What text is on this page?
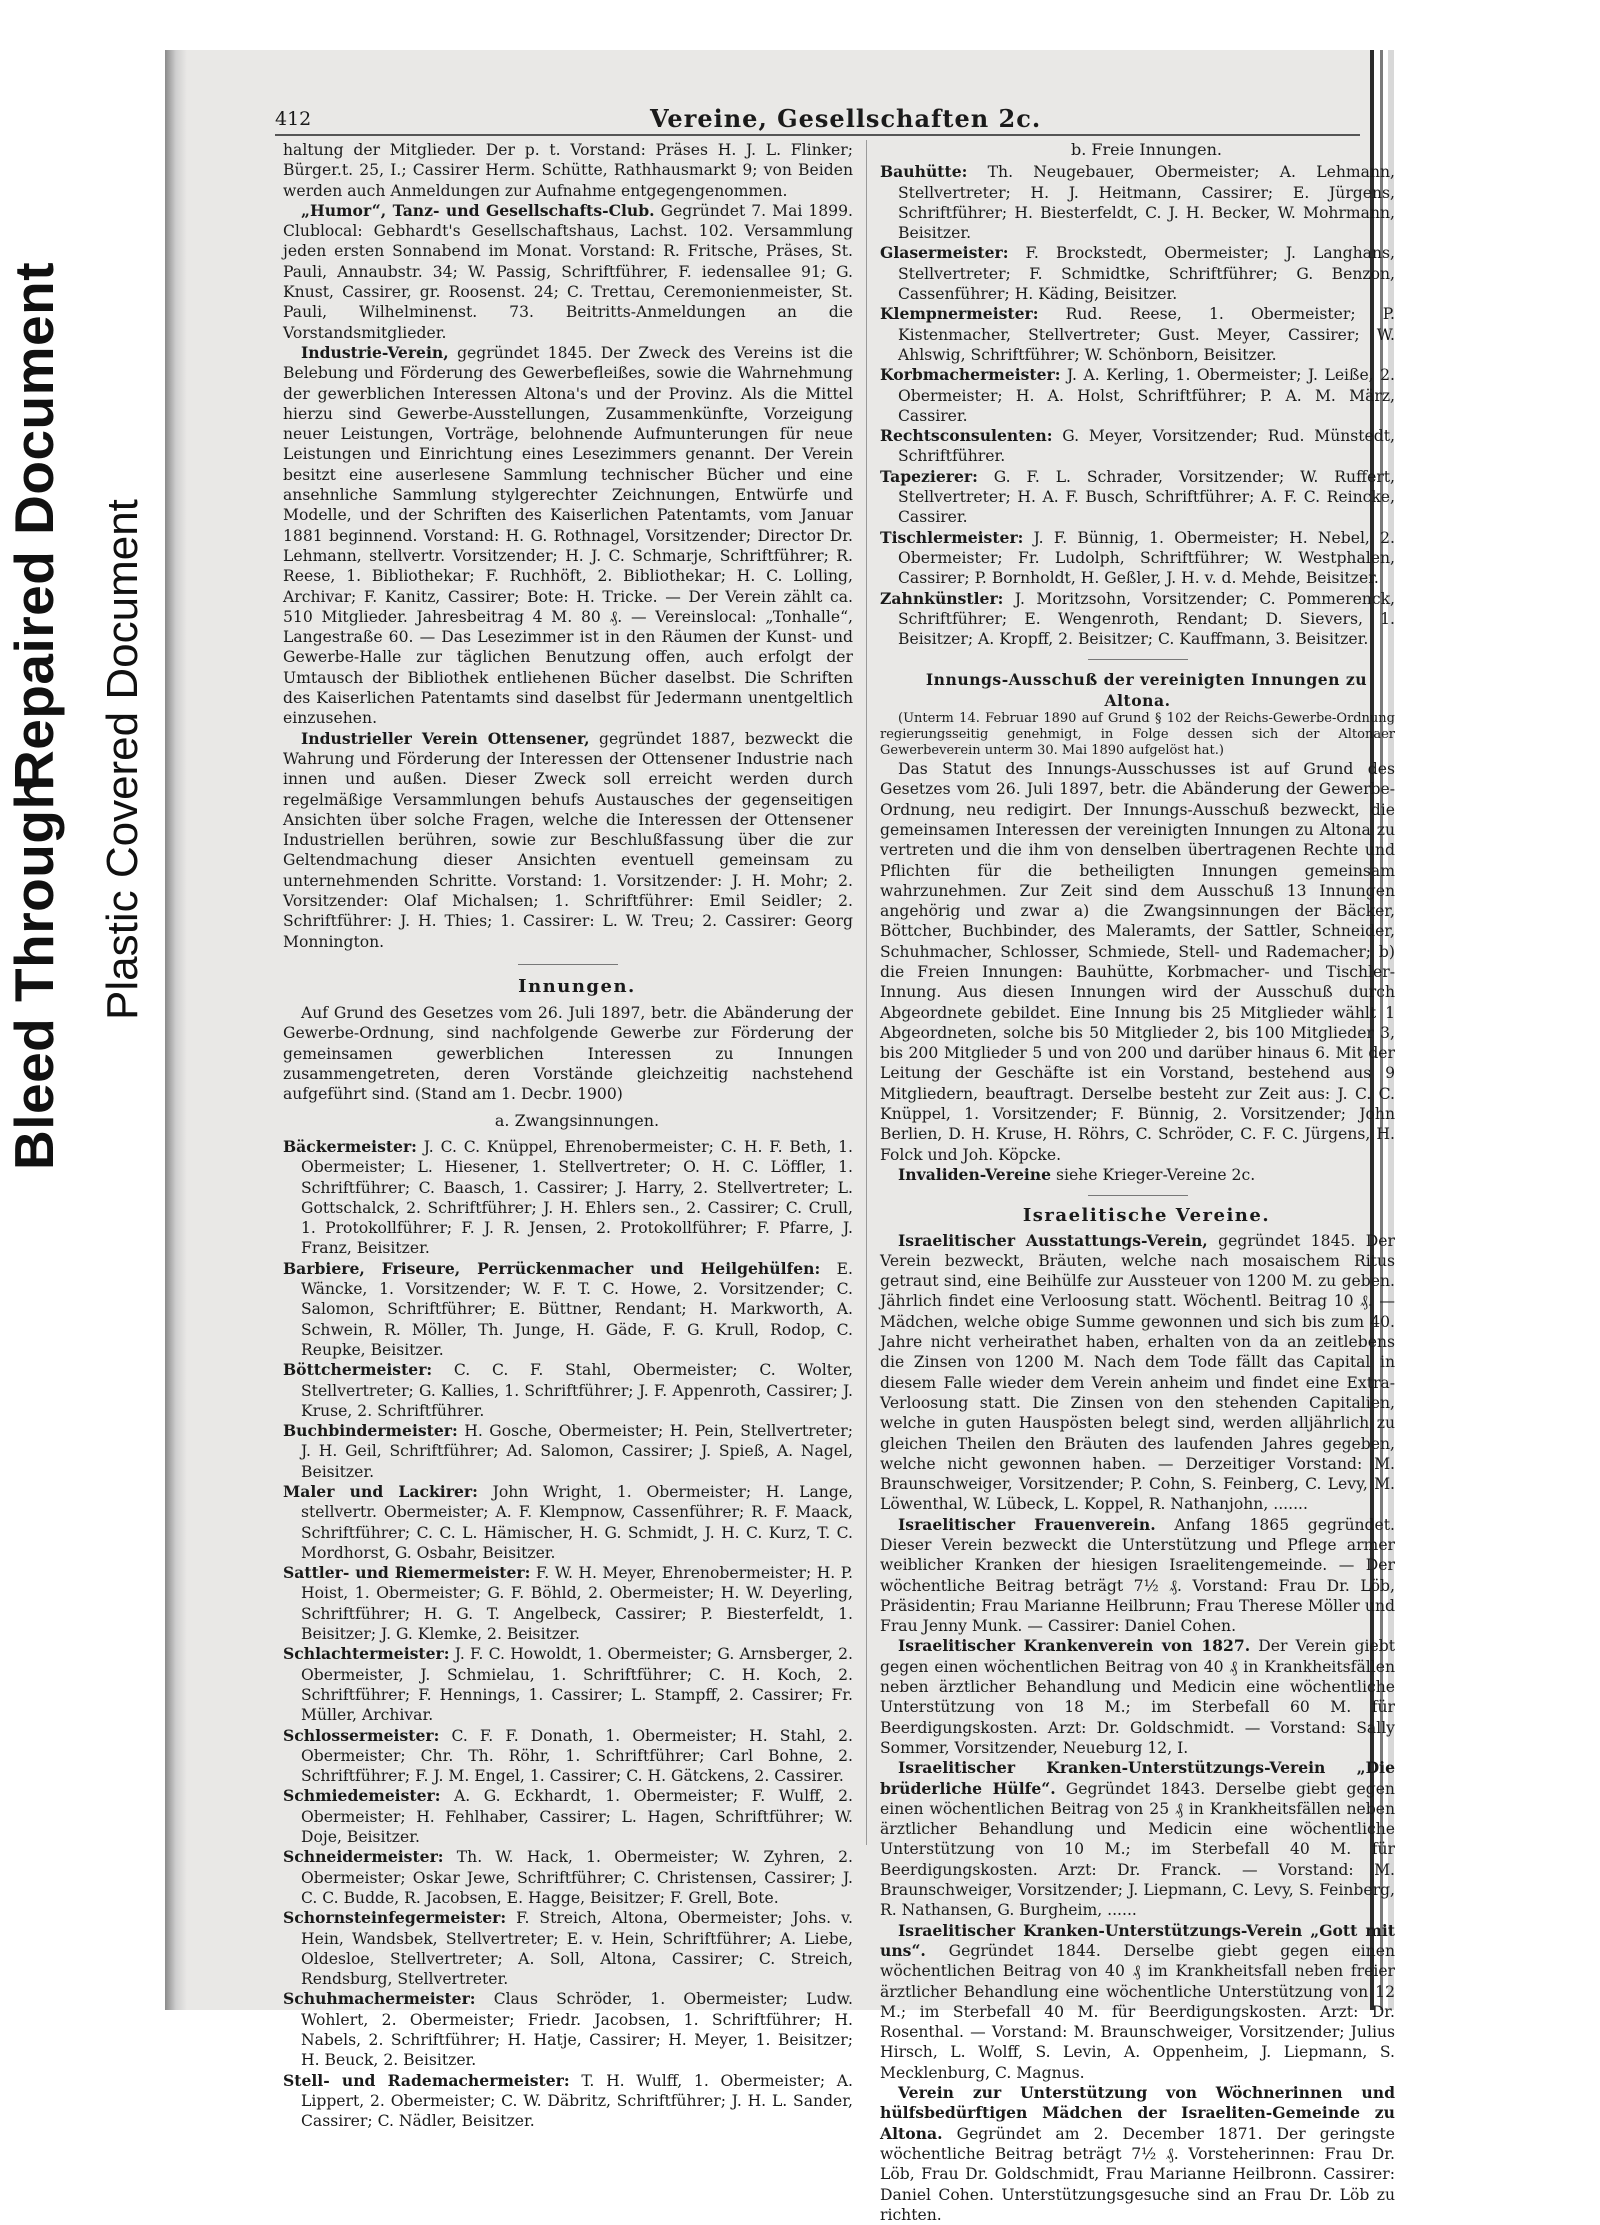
Bleed Through
Repaired Document Plastic Covered Document
412	Vereine, Gesellschaften 2c.

haltung der Mitglieder. Der p. t. Vorstand: Präses H. J. L. Flinker; Bürger.t. 25, I.; Cassirer Herm. Schütte, Rathhausmarkt 9; von Beiden werden auch Anmeldungen zur Aufnahme entgegengenommen.

„Humor“, Tanz- und Gesellschafts-Club. Gegründet 7. Mai 1899. Clublocal: Gebhardt's Gesellschaftshaus, Lachst. 102. Versammlung jeden ersten Sonnabend im Monat. Vorstand: R. Fritsche, Präses, St. Pauli, Annaubstr. 34; W. Passig, Schriftführer, F. iedensallee 91; G. Knust, Cassirer, gr. Roosenst. 24; C. Trettau, Ceremonienmeister, St. Pauli, Wilhelminenst. 73. Beitritts-Anmeldungen an die Vorstandsmitglieder.

Industrie-Verein, gegründet 1845. Der Zweck des Vereins ist die Belebung und Förderung des Gewerbefleißes, sowie die Wahrnehmung der gewerblichen Interessen Altona's und der Provinz. Als die Mittel hierzu sind Gewerbe-Ausstellungen, Zusammenkünfte, Vorzeigung neuer Leistungen, Vorträge, belohnende Aufmunterungen für neue Leistungen und Einrichtung eines Lesezimmers genannt. Der Verein besitzt eine auserlesene Sammlung technischer Bücher und eine ansehnliche Sammlung stylgerechter Zeichnungen, Entwürfe und Modelle, und der Schriften des Kaiserlichen Patentamts, vom Januar 1881 beginnend. Vorstand: H. G. Rothnagel, Vorsitzender; Director Dr. Lehmann, stellvertr. Vorsitzender; H. J. C. Schmarje, Schriftführer; R. Reese, 1. Bibliothekar; F. Ruchhöft, 2. Bibliothekar; H. C. Lolling, Archivar; F. Kanitz, Cassirer; Bote: H. Tricke. — Der Verein zählt ca. 510 Mitglieder. Jahresbeitrag 4 M. 80 ₰. — Vereinslocal: „Tonhalle“, Langestraße 60. — Das Lesezimmer ist in den Räumen der Kunst- und Gewerbe-Halle zur täglichen Benutzung offen, auch erfolgt der Umtausch der Bibliothek entliehenen Bücher daselbst. Die Schriften des Kaiserlichen Patentamts sind daselbst für Jedermann unentgeltlich einzusehen.

Industrieller Verein Ottensener, gegründet 1887, bezweckt die Wahrung und Förderung der Interessen der Ottensener Industrie nach innen und außen. Dieser Zweck soll erreicht werden durch regelmäßige Versammlungen behufs Austausches der gegenseitigen Ansichten über solche Fragen, welche die Interessen der Ottensener Industriellen berühren, sowie zur Beschlußfassung über die zur Geltendmachung dieser Ansichten eventuell gemeinsam zu unternehmenden Schritte. Vorstand: 1. Vorsitzender: J. H. Mohr; 2. Vorsitzender: Olaf Michalsen; 1. Schriftführer: Emil Seidler; 2. Schriftführer: J. H. Thies; 1. Cassirer: L. W. Treu; 2. Cassirer: Georg Monnington.

Innungen.

Auf Grund des Gesetzes vom 26. Juli 1897, betr. die Abänderung der Gewerbe-Ordnung, sind nachfolgende Gewerbe zur Förderung der gemeinsamen gewerblichen Interessen zu Innungen zusammengetreten, deren Vorstände gleichzeitig nachstehend aufgeführt sind. (Stand am 1. Decbr. 1900)

a. Zwangsinnungen.

Bäckermeister: J. C. C. Knüppel, Ehrenobermeister; C. H. F. Beth, 1. Obermeister; L. Hiesener, 1. Stellvertreter; O. H. C. Löffler, 1. Schriftführer; C. Baasch, 1. Cassirer; J. Harry, 2. Stellvertreter; L. Gottschalck, 2. Schriftführer; J. H. Ehlers sen., 2. Cassirer; C. Crull, 1. Protokollführer; F. J. R. Jensen, 2. Protokollführer; F. Pfarre, J. Franz, Beisitzer.

Barbiere, Friseure, Perrückenmacher und Heilgehülfen: E. Wäncke, 1. Vorsitzender; W. F. T. C. Howe, 2. Vorsitzender; C. Salomon, Schriftführer; E. Büttner, Rendant; H. Markworth, A. Schwein, R. Möller, Th. Junge, H. Gäde, F. G. Krull, Rodop, C. Reupke, Beisitzer.

Böttchermeister: C. C. F. Stahl, Obermeister; C. Wolter, Stellvertreter; G. Kallies, 1. Schriftführer; J. F. Appenroth, Cassirer; J. Kruse, 2. Schriftführer.

Buchbindermeister: H. Gosche, Obermeister; H. Pein, Stellvertreter; J. H. Geil, Schriftführer; Ad. Salomon, Cassirer; J. Spieß, A. Nagel, Beisitzer.

Maler und Lackirer: John Wright, 1. Obermeister; H. Lange, stellvertr. Obermeister; A. F. Klempnow, Cassenführer; R. F. Maack, Schriftführer; C. C. L. Hämischer, H. G. Schmidt, J. H. C. Kurz, T. C. Mordhorst, G. Osbahr, Beisitzer.

Sattler- und Riemermeister: F. W. H. Meyer, Ehrenobermeister; H. P. Hoist, 1. Obermeister; G. F. Böhld, 2. Obermeister; H. W. Deyerling, Schriftführer; H. G. T. Angelbeck, Cassirer; P. Biesterfeldt, 1. Beisitzer; J. G. Klemke, 2. Beisitzer.

Schlachtermeister: J. F. C. Howoldt, 1. Obermeister; G. Arnsberger, 2. Obermeister, J. Schmielau, 1. Schriftführer; C. H. Koch, 2. Schriftführer; F. Hennings, 1. Cassirer; L. Stampff, 2. Cassirer; Fr. Müller, Archivar.

Schlossermeister: C. F. F. Donath, 1. Obermeister; H. Stahl, 2. Obermeister; Chr. Th. Röhr, 1. Schriftführer; Carl Bohne, 2. Schriftführer; F. J. M. Engel, 1. Cassirer; C. H. Gätckens, 2. Cassirer.

Schmiedemeister: A. G. Eckhardt, 1. Obermeister; F. Wulff, 2. Obermeister; H. Fehlhaber, Cassirer; L. Hagen, Schriftführer; W. Doje, Beisitzer.

Schneidermeister: Th. W. Hack, 1. Obermeister; W. Zyhren, 2. Obermeister; Oskar Jewe, Schriftführer; C. Christensen, Cassirer; J. C. C. Budde, R. Jacobsen, E. Hagge, Beisitzer; F. Grell, Bote.

Schornsteinfegermeister: F. Streich, Altona, Obermeister; Johs. v. Hein, Wandsbek, Stellvertreter; E. v. Hein, Schriftführer; A. Liebe, Oldesloe, Stellvertreter; A. Soll, Altona, Cassirer; C. Streich, Rendsburg, Stellvertreter.

Schuhmachermeister: Claus Schröder, 1. Obermeister; Ludw. Wohlert, 2. Obermeister; Friedr. Jacobsen, 1. Schriftführer; H. Nabels, 2. Schriftführer; H. Hatje, Cassirer; H. Meyer, 1. Beisitzer; H. Beuck, 2. Beisitzer.

Stell- und Rademachermeister: T. H. Wulff, 1. Obermeister; A. Lippert, 2. Obermeister; C. W. Däbritz, Schriftführer; J. H. L. Sander, Cassirer; C. Nädler, Beisitzer.

b. Freie Innungen.

Bauhütte: Th. Neugebauer, Obermeister; A. Lehmann, Stellvertreter; H. J. Heitmann, Cassirer; E. Jürgens, Schriftführer; H. Biesterfeldt, C. J. H. Becker, W. Mohrmann, Beisitzer.

Glasermeister: F. Brockstedt, Obermeister; J. Langhans, Stellvertreter; F. Schmidtke, Schriftführer; G. Benzon, Cassenführer; H. Käding, Beisitzer.

Klempnermeister: Rud. Reese, 1. Obermeister; P. Kistenmacher, Stellvertreter; Gust. Meyer, Cassirer; W. Ahlswig, Schriftführer; W. Schönborn, Beisitzer.

Korbmachermeister: J. A. Kerling, 1. Obermeister; J. Leiße, 2. Obermeister; H. A. Holst, Schriftführer; P. A. M. März, Cassirer.

Rechtsconsulenten: G. Meyer, Vorsitzender; Rud. Münstedt, Schriftführer.

Tapezierer: G. F. L. Schrader, Vorsitzender; W. Ruffert, Stellvertreter; H. A. F. Busch, Schriftführer; A. F. C. Reincke, Cassirer.

Tischlermeister: J. F. Bünnig, 1. Obermeister; H. Nebel, 2. Obermeister; Fr. Ludolph, Schriftführer; W. Westphalen, Cassirer; P. Bornholdt, H. Geßler, J. H. v. d. Mehde, Beisitzer.

Zahnkünstler: J. Moritzsohn, Vorsitzender; C. Pommerenck, Schriftführer; E. Wengenroth, Rendant; D. Sievers, 1. Beisitzer; A. Kropff, 2. Beisitzer; C. Kauffmann, 3. Beisitzer.

Innungs-Ausschuß der vereinigten Innungen zu Altona.

(Unterm 14. Februar 1890 auf Grund § 102 der Reichs-Gewerbe-Ordnung regierungsseitig genehmigt, in Folge dessen sich der Altonaer Gewerbeverein unterm 30. Mai 1890 aufgelöst hat.)

Das Statut des Innungs-Ausschusses ist auf Grund des Gesetzes vom 26. Juli 1897, betr. die Abänderung der Gewerbe-Ordnung, neu redigirt. Der Innungs-Ausschuß bezweckt, die gemeinsamen Interessen der vereinigten Innungen zu Altona zu vertreten und die ihm von denselben übertragenen Rechte und Pflichten für die betheiligten Innungen gemeinsam wahrzunehmen. Zur Zeit sind dem Ausschuß 13 Innungen angehörig und zwar a) die Zwangsinnungen der Bäcker, Böttcher, Buchbinder, des Maleramts, der Sattler, Schneider, Schuhmacher, Schlosser, Schmiede, Stell- und Rademacher; b) die Freien Innungen: Bauhütte, Korbmacher- und Tischler-Innung. Aus diesen Innungen wird der Ausschuß durch Abgeordnete gebildet. Eine Innung bis 25 Mitglieder wählt 1 Abgeordneten, solche bis 50 Mitglieder 2, bis 100 Mitglieder 3, bis 200 Mitglieder 5 und von 200 und darüber hinaus 6. Mit der Leitung der Geschäfte ist ein Vorstand, bestehend aus 9 Mitgliedern, beauftragt. Derselbe besteht zur Zeit aus: J. C. C. Knüppel, 1. Vorsitzender; F. Bünnig, 2. Vorsitzender; John Berlien, D. H. Kruse, H. Röhrs, C. Schröder, C. F. C. Jürgens, H. Folck und Joh. Köpcke.

Invaliden-Vereine siehe Krieger-Vereine 2c.

Israelitische Vereine.

Israelitischer Ausstattungs-Verein, gegründet 1845. Der Verein bezweckt, Bräuten, welche nach mosaischem Ritus getraut sind, eine Beihülfe zur Aussteuer von 1200 M. zu geben. Jährlich findet eine Verloosung statt. Wöchentl. Beitrag 10 ₰. — Mädchen, welche obige Summe gewonnen und sich bis zum 40. Jahre nicht verheirathet haben, erhalten von da an zeitlebens die Zinsen von 1200 M. Nach dem Tode fällt das Capital in diesem Falle wieder dem Verein anheim und findet eine Extra-Verloosung statt. Die Zinsen von den stehenden Capitalien, welche in guten Hauspösten belegt sind, werden alljährlich zu gleichen Theilen den Bräuten des laufenden Jahres gegeben, welche nicht gewonnen haben. — Derzeitiger Vorstand: M. Braunschweiger, Vorsitzender; P. Cohn, S. Feinberg, C. Levy, M. Löwenthal, W. Lübeck, L. Koppel, R. Nathanjohn, .......

Israelitischer Frauenverein. Anfang 1865 gegründet. Dieser Verein bezweckt die Unterstützung und Pflege armer weiblicher Kranken der hiesigen Israelitengemeinde. — Der wöchentliche Beitrag beträgt 7½ ₰. Vorstand: Frau Dr. Löb, Präsidentin; Frau Marianne Heilbrunn; Frau Therese Möller und Frau Jenny Munk. — Cassirer: Daniel Cohen.

Israelitischer Krankenverein von 1827. Der Verein giebt gegen einen wöchentlichen Beitrag von 40 ₰ in Krankheitsfällen neben ärztlicher Behandlung und Medicin eine wöchentliche Unterstützung von 18 M.; im Sterbefall 60 M. für Beerdigungskosten. Arzt: Dr. Goldschmidt. — Vorstand: Sally Sommer, Vorsitzender, Neueburg 12, I.

Israelitischer Kranken-Unterstützungs-Verein „Die brüderliche Hülfe“. Gegründet 1843. Derselbe giebt gegen einen wöchentlichen Beitrag von 25 ₰ in Krankheitsfällen neben ärztlicher Behandlung und Medicin eine wöchentliche Unterstützung von 10 M.; im Sterbefall 40 M. für Beerdigungskosten. Arzt: Dr. Franck. — Vorstand: M. Braunschweiger, Vorsitzender; J. Liepmann, C. Levy, S. Feinberg, R. Nathansen, G. Burgheim, ......

Israelitischer Kranken-Unterstützungs-Verein „Gott mit uns“. Gegründet 1844. Derselbe giebt gegen einen wöchentlichen Beitrag von 40 ₰ im Krankheitsfall neben freier ärztlicher Behandlung eine wöchentliche Unterstützung von 12 M.; im Sterbefall 40 M. für Beerdigungskosten. Arzt: Dr. Rosenthal. — Vorstand: M. Braunschweiger, Vorsitzender; Julius Hirsch, L. Wolff, S. Levin, A. Oppenheim, J. Liepmann, S. Mecklenburg, C. Magnus.

Verein zur Unterstützung von Wöchnerinnen und hülfsbedürftigen Mädchen der Israeliten-Gemeinde zu Altona. Gegründet am 2. December 1871. Der geringste wöchentliche Beitrag beträgt 7½ ₰. Vorsteherinnen: Frau Dr. Löb, Frau Dr. Goldschmidt, Frau Marianne Heilbronn. Cassirer: Daniel Cohen. Unterstützungsgesuche sind an Frau Dr. Löb zu richten.
